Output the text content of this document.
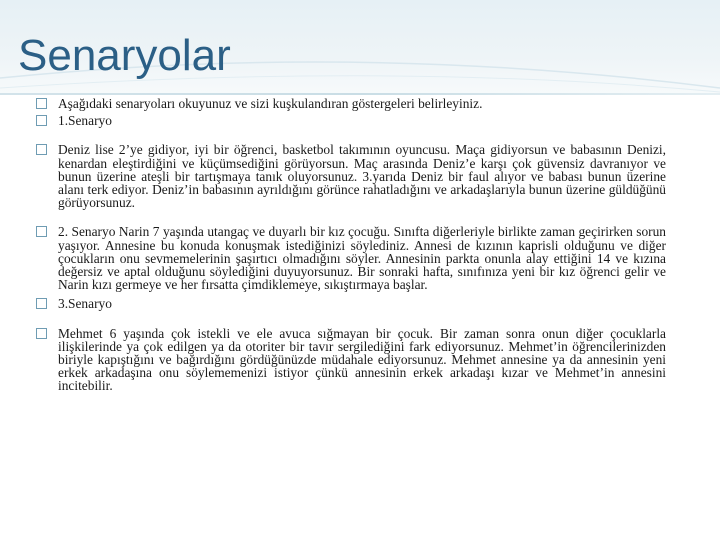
Senaryolar
Aşağıdaki senaryoları okuyunuz ve sizi kuşkulandıran göstergeleri belirleyiniz.
1.Senaryo
Deniz lise 2’ye gidiyor, iyi bir öğrenci, basketbol takımının oyuncusu. Maça gidiyorsun ve babasının Denizi, kenardan eleştirdiğini ve küçümsediğini görüyorsun. Maç arasında Deniz’e karşı çok güvensiz davranıyor ve bunun üzerine ateşli bir tartışmaya tanık oluyorsunuz. 3.yarıda Deniz bir faul alıyor ve babası bunun üzerine alanı terk ediyor. Deniz’in babasının ayrıldığını görünce rahatladığını ve arkadaşlarıyla bunun üzerine güldüğünü görüyorsunuz.
2. Senaryo Narin 7 yaşında utangaç ve duyarlı bir kız çocuğu. Sınıfta diğerleriyle birlikte zaman geçirirken sorun yaşıyor. Annesine bu konuda konuşmak istediğinizi söylediniz. Annesi de kızının kaprisli olduğunu ve diğer çocukların onu sevmemelerinin şaşırtıcı olmadığını söyler. Annesinin parkta onunla alay ettiğini 14 ve kızına değersiz ve aptal olduğunu söylediğini duyuyorsunuz. Bir sonraki hafta, sınıfınıza yeni bir kız öğrenci gelir ve Narin kızı germeye ve her fırsatta çimdiklemeye, sıkıştırmaya başlar.
3.Senaryo
Mehmet 6 yaşında çok istekli ve ele avuca sığmayan bir çocuk. Bir zaman sonra onun diğer çocuklarla ilişkilerinde ya çok edilgen ya da otoriter bir tavır sergilediğini fark ediyorsunuz. Mehmet’in öğrencilerinizden biriyle kapıştığını ve bağırdığını gördüğünüzde müdahale ediyorsunuz. Mehmet annesine ya da annesinin yeni erkek arkadaşına onu söylememenizi istiyor çünkü annesinin erkek arkadaşı kızar ve Mehmet’in annesini incitebilir.
